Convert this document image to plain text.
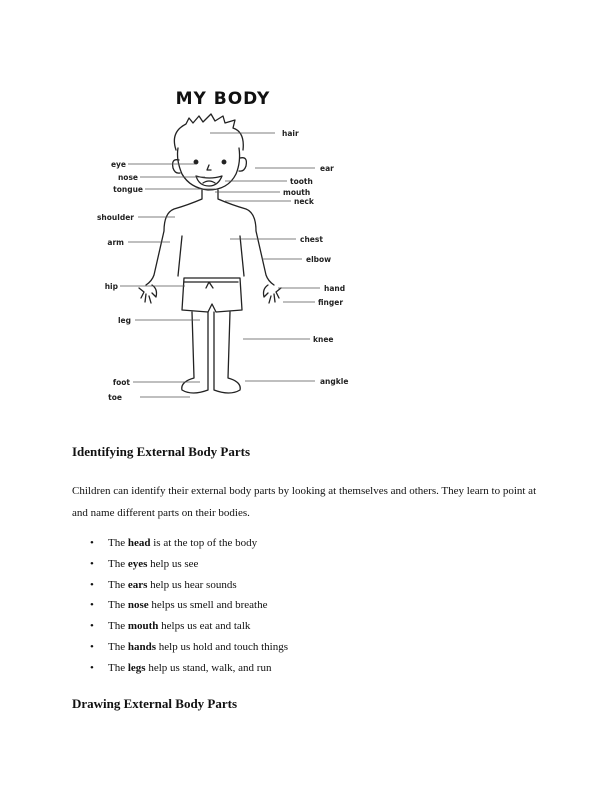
MY BODY
hair
eye
nose
tongue
shoulder
arm
hip
leg
foot
toe
ear
tooth
mouth
neck
chest
elbow
hand
finger
knee
angkle
Identifying External Body Parts

Children can identify their external body parts by looking at themselves and others. They learn to point at and name different parts on their bodies.

• The head is at the top of the body
• The eyes help us see
• The ears help us hear sounds
• The nose helps us smell and breathe
• The mouth helps us eat and talk
• The hands help us hold and touch things
• The legs help us stand, walk, and run
Drawing External Body Parts
